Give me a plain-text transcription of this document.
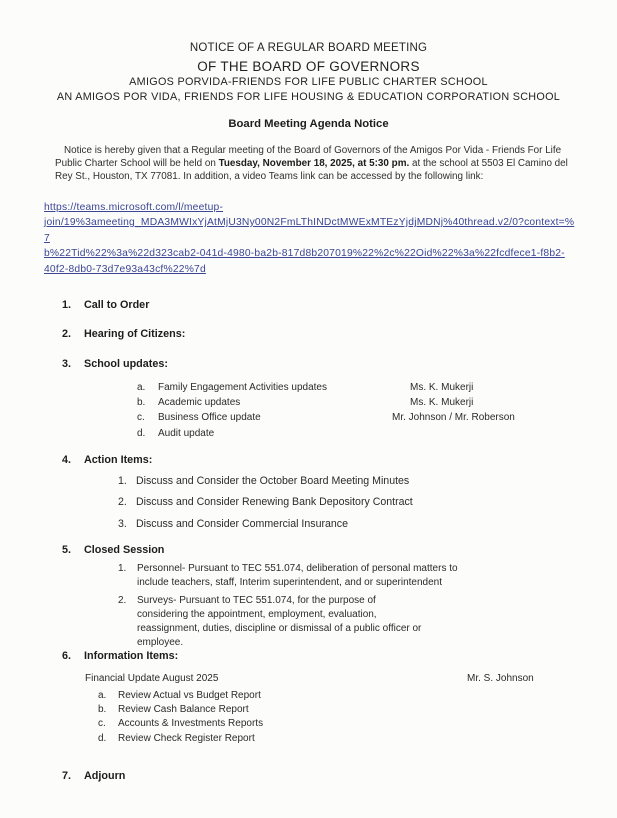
NOTICE OF A REGULAR BOARD MEETING
OF THE BOARD OF GOVERNORS
AMIGOS PORVIDA-FRIENDS FOR LIFE PUBLIC CHARTER SCHOOL
AN AMIGOS POR VIDA, FRIENDS FOR LIFE HOUSING & EDUCATION CORPORATION SCHOOL
Board Meeting Agenda Notice

Notice is hereby given that a Regular meeting of the Board of Governors of the Amigos Por Vida - Friends For Life Public Charter School will be held on Tuesday, November 18, 2025, at 5:30 pm. at the school at 5503 El Camino del Rey St., Houston, TX 77081. In addition, a video Teams link can be accessed by the following link:

https://teams.microsoft.com/l/meetup-
join/19%3ameeting_MDA3MWIxYjAtMjU3Ny00N2FmLThINDctMWExMTEzYjdjMDNj%40thread.v2/0?context=%7
b%22Tid%22%3a%22d323cab2-041d-4980-ba2b-817d8b207019%22%2c%22Oid%22%3a%22fcdfece1-f8b2-
40f2-8db0-73d7e93a43cf%22%7d
1.	Call to Order
2.	Hearing of Citizens:
3.	School updates:
a.	Family Engagement Activities updates	Ms. K. Mukerji
b.	Academic updates	Ms. K. Mukerji
c.	Business Office update	Mr. Johnson / Mr. Roberson
d.	Audit update
4.	Action Items:
1. Discuss and Consider the October Board Meeting Minutes
2. Discuss and Consider Renewing Bank Depository Contract
3. Discuss and Consider Commercial Insurance
5.	Closed Session
1.	Personnel- Pursuant to TEC 551.074, deliberation of personal matters to include teachers, staff, Interim superintendent, and or superintendent
2.	Surveys- Pursuant to TEC 551.074, for the purpose of considering the appointment, employment, evaluation, reassignment, duties, discipline or dismissal of a public officer or employee.
6.	Information Items:
Financial Update August 2025	Mr. S. Johnson
a.	Review Actual vs Budget Report
b.	Review Cash Balance Report
c.	Accounts & Investments Reports
d.	Review Check Register Report
7.	Adjourn
